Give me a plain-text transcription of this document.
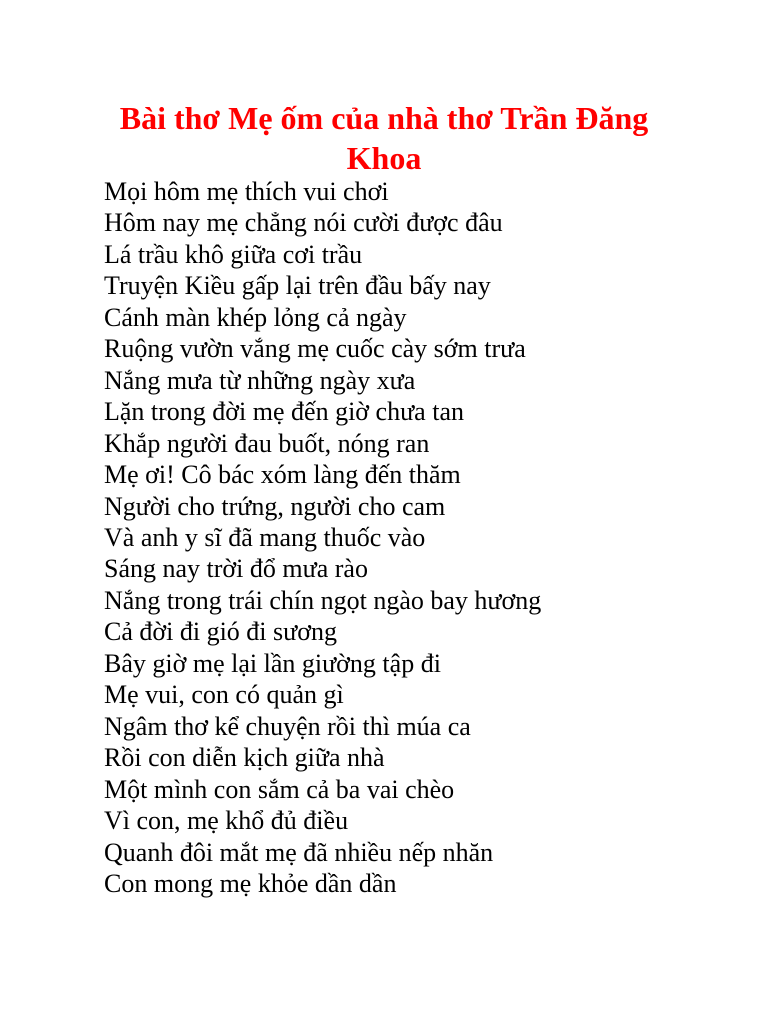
Bài thơ Mẹ ốm của nhà thơ Trần Đăng Khoa
Mọi hôm mẹ thích vui chơi
Hôm nay mẹ chẳng nói cười được đâu
Lá trầu khô giữa cơi trầu
Truyện Kiều gấp lại trên đầu bấy nay
Cánh màn khép lỏng cả ngày
Ruộng vườn vắng mẹ cuốc cày sớm trưa
Nắng mưa từ những ngày xưa
Lặn trong đời mẹ đến giờ chưa tan
Khắp người đau buốt, nóng ran
Mẹ ơi! Cô bác xóm làng đến thăm
Người cho trứng, người cho cam
Và anh y sĩ đã mang thuốc vào
Sáng nay trời đổ mưa rào
Nắng trong trái chín ngọt ngào bay hương
Cả đời đi gió đi sương
Bây giờ mẹ lại lần giường tập đi
Mẹ vui, con có quản gì
Ngâm thơ kể chuyện rồi thì múa ca
Rồi con diễn kịch giữa nhà
Một mình con sắm cả ba vai chèo
Vì con, mẹ khổ đủ điều
Quanh đôi mắt mẹ đã nhiều nếp nhăn
Con mong mẹ khỏe dần dần
